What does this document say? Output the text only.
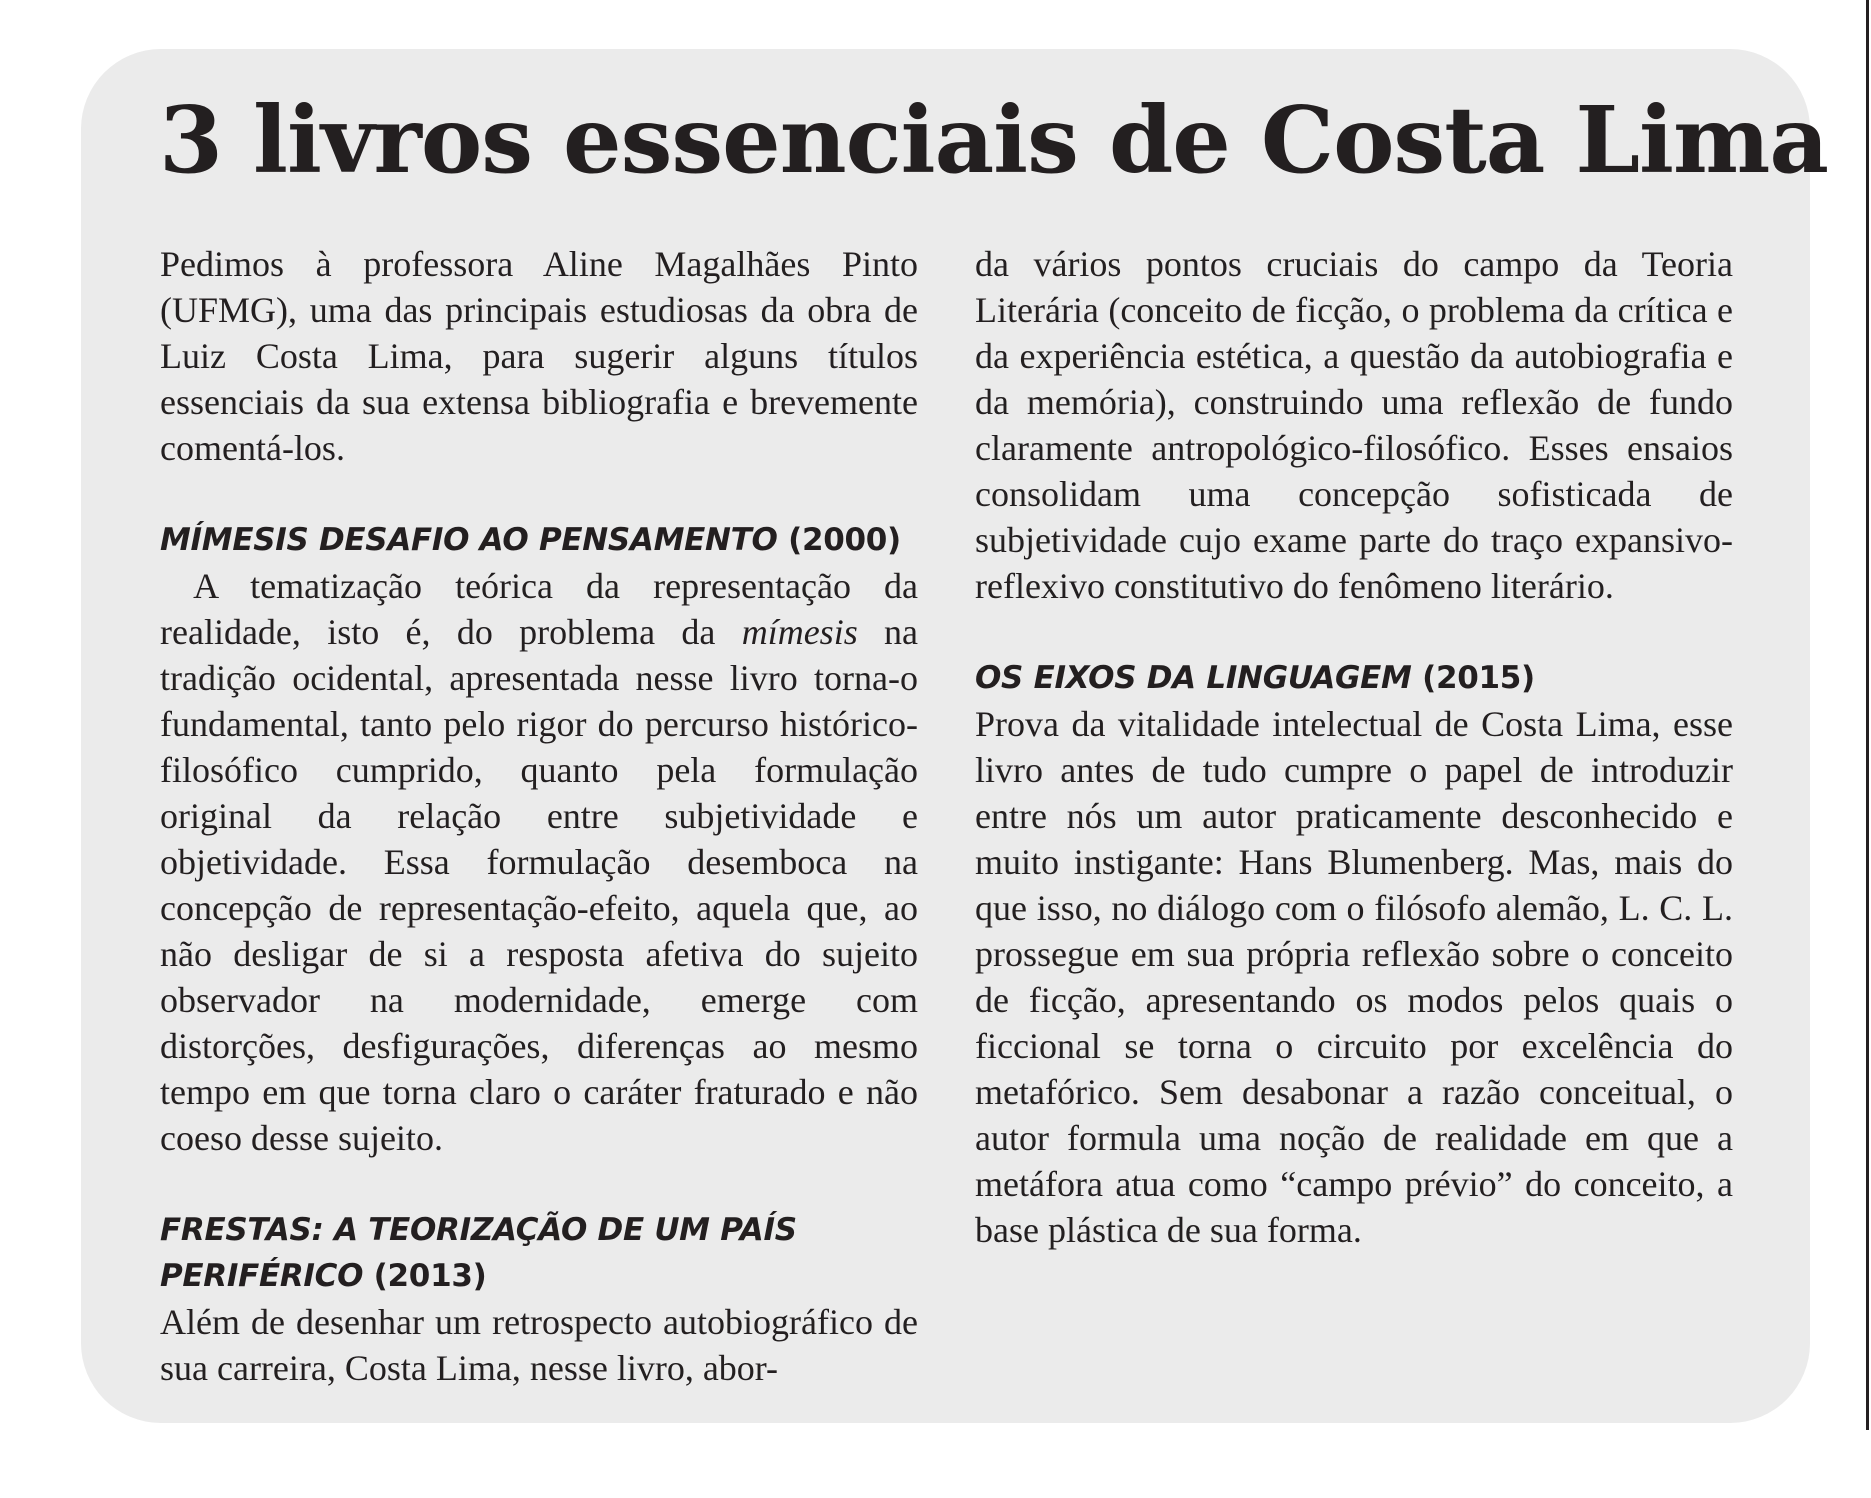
3 livros essenciais de Costa Lima

Pedimos à professora Aline Magalhães Pinto (UFMG), uma das principais estudiosas da obra de Luiz Costa Lima, para sugerir alguns títulos essenciais da sua extensa bibliografia e brevemente comentá-los.

MÍMESIS DESAFIO AO PENSAMENTO (2000)

A tematização teórica da representação da realidade, isto é, do problema da mímesis na tradição ocidental, apresentada nesse livro torna-o fundamental, tanto pelo rigor do percurso histórico-filosófico cumprido, quanto pela formulação original da relação entre subjetividade e objetividade. Essa formulação desemboca na concepção de representação-efeito, aquela que, ao não desligar de si a resposta afetiva do sujeito observador na modernidade, emerge com distorções, desfigurações, diferenças ao mesmo tempo em que torna claro o caráter fraturado e não coeso desse sujeito.

FRESTAS: A TEORIZAÇÃO DE UM PAÍS
PERIFÉRICO (2013)

Além de desenhar um retrospecto autobiográfico de sua carreira, Costa Lima, nesse livro, abor-

da vários pontos cruciais do campo da Teoria Literária (conceito de ficção, o problema da crítica e da experiência estética, a questão da autobiografia e da memória), construindo uma reflexão de fundo claramente antropológico-filosófico. Esses ensaios consolidam uma concepção sofisticada de subjetividade cujo exame parte do traço expansivo-reflexivo constitutivo do fenômeno literário.

OS EIXOS DA LINGUAGEM (2015)

Prova da vitalidade intelectual de Costa Lima, esse livro antes de tudo cumpre o papel de introduzir entre nós um autor praticamente desconhecido e muito instigante: Hans Blumenberg. Mas, mais do que isso, no diálogo com o filósofo alemão, L. C. L. prossegue em sua própria reflexão sobre o conceito de ficção, apresentando os modos pelos quais o ficcional se torna o circuito por excelência do metafórico. Sem desabonar a razão conceitual, o autor formula uma noção de realidade em que a metáfora atua como “campo prévio” do conceito, a base plástica de sua forma.
